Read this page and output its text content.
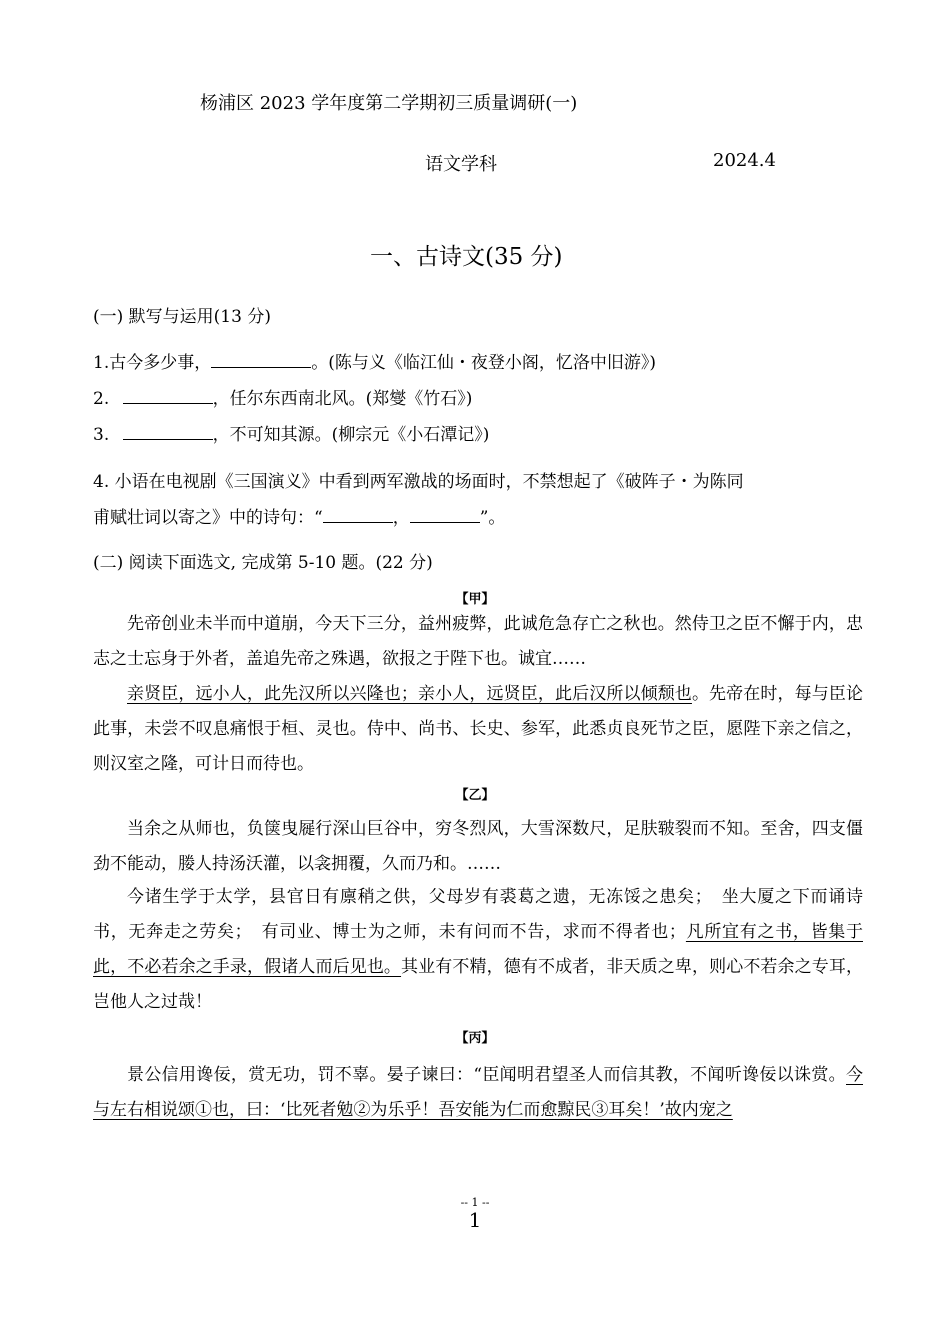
杨浦区 2023 学年度第二学期初三质量调研(一)
语文学科	2024.4
一、古诗文(35 分)
(一) 默写与运用(13 分)
1.古今多少事，	。(陈与义《临江仙・夜登小阁，忆洛中旧游》)
2.	，任尔东西南北风。(郑燮《竹石》)
3.	，不可知其源。(柳宗元《小石潭记》)
4. 小语在电视剧《三国演义》中看到两军激战的场面时，不禁想起了《破阵子・为陈同
甫赋壮词以寄之》中的诗句：“	，	”。
(二) 阅读下面选文, 完成第 5-10 题。(22 分)
【甲】
先帝创业未半而中道崩，今天下三分，益州疲弊，此诚危急存亡之秋也。然侍卫之臣不懈于内，忠志之士忘身于外者，盖追先帝之殊遇，欲报之于陛下也。诚宜……
亲贤臣，远小人，此先汉所以兴隆也；亲小人，远贤臣，此后汉所以倾颓也。先帝在时，每与臣论此事，未尝不叹息痛恨于桓、灵也。侍中、尚书、长史、参军，此悉贞良死节之臣，愿陛下亲之信之，则汉室之隆，可计日而待也。
【乙】
当余之从师也，负箧曳屣行深山巨谷中，穷冬烈风，大雪深数尺，足肤皲裂而不知。至舍，四支僵劲不能动，媵人持汤沃灌，以衾拥覆，久而乃和。……
今诸生学于太学，县官日有廪稍之供，父母岁有裘葛之遗，无冻馁之患矣；　坐大厦之下而诵诗书，无奔走之劳矣；　有司业、博士为之师，未有问而不告，求而不得者也；凡所宜有之书，皆集于此，不必若余之手录，假诸人而后见也。其业有不精，德有不成者，非天质之卑，则心不若余之专耳，岂他人之过哉！
【丙】
景公信用谗佞，赏无功，罚不辜。晏子谏曰：“臣闻明君望圣人而信其教，不闻听谗佞以诛赏。今与左右相说颂①也，曰：‘比死者勉②为乐乎！吾安能为仁而愈黥民③耳矣！’故内宠之
-- 1 --
1
